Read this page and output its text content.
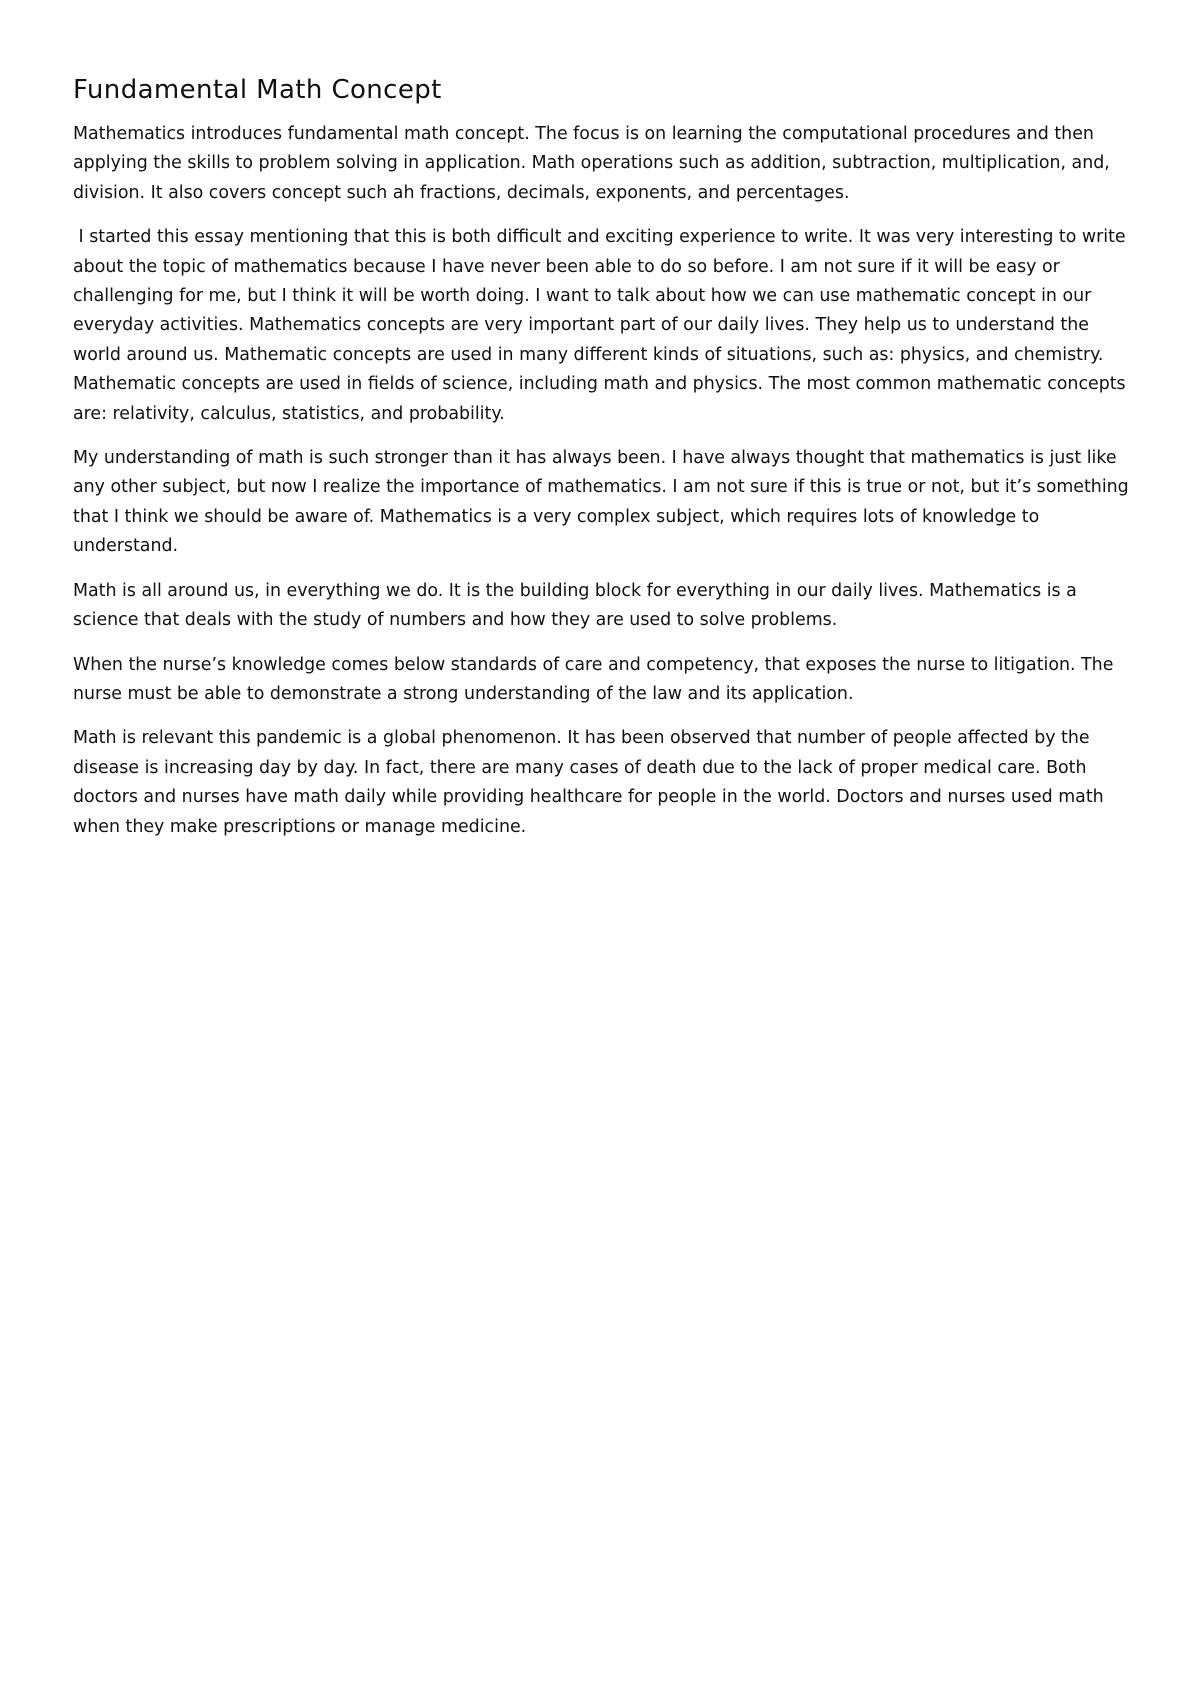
Fundamental Math Concept

Mathematics introduces fundamental math concept. The focus is on learning the computational procedures and then applying the skills to problem solving in application. Math operations such as addition, subtraction, multiplication, and, division. It also covers concept such ah fractions, decimals, exponents, and percentages.

I started this essay mentioning that this is both difficult and exciting experience to write. It was very interesting to write about the topic of mathematics because I have never been able to do so before. I am not sure if it will be easy or challenging for me, but I think it will be worth doing. I want to talk about how we can use mathematic concept in our everyday activities. Mathematics concepts are very important part of our daily lives. They help us to understand the world around us. Mathematic concepts are used in many different kinds of situations, such as: physics, and chemistry. Mathematic concepts are used in fields of science, including math and physics. The most common mathematic concepts are: relativity, calculus, statistics, and probability.

My understanding of math is such stronger than it has always been. I have always thought that mathematics is just like any other subject, but now I realize the importance of mathematics. I am not sure if this is true or not, but it’s something that I think we should be aware of. Mathematics is a very complex subject, which requires lots of knowledge to understand.

Math is all around us, in everything we do. It is the building block for everything in our daily lives. Mathematics is a science that deals with the study of numbers and how they are used to solve problems.

When the nurse’s knowledge comes below standards of care and competency, that exposes the nurse to litigation. The nurse must be able to demonstrate a strong understanding of the law and its application.

Math is relevant this pandemic is a global phenomenon. It has been observed that number of people affected by the disease is increasing day by day. In fact, there are many cases of death due to the lack of proper medical care. Both doctors and nurses have math daily while providing healthcare for people in the world. Doctors and nurses used math when they make prescriptions or manage medicine.
